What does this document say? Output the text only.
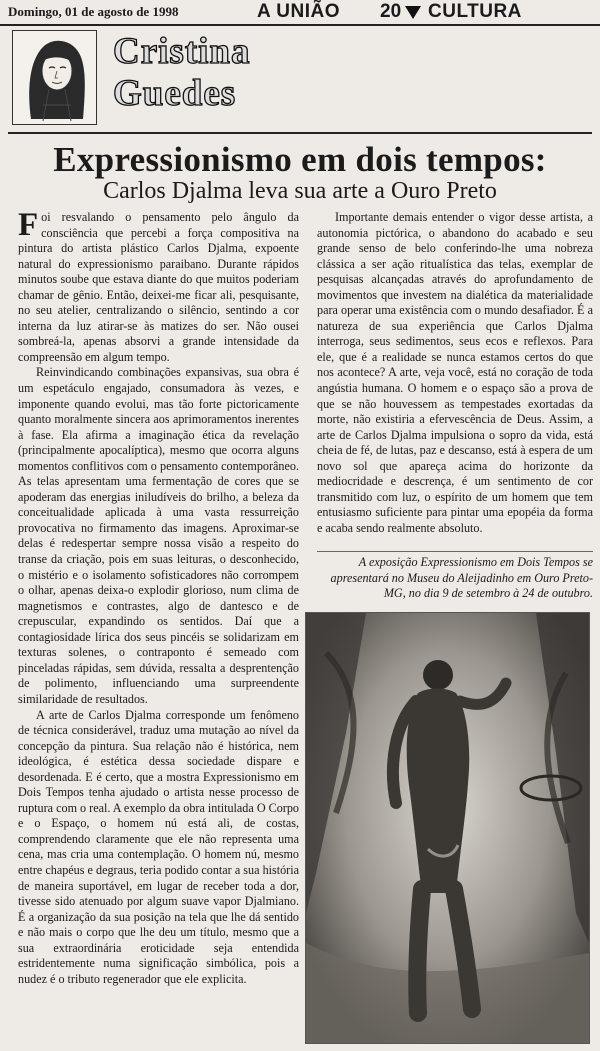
Domingo, 01 de agosto de 1998	A UNIÃO 20 CULTURA
Cristina
Guedes
Expressionismo em dois tempos:
Carlos Djalma leva sua arte a Ouro Preto

Foi resvalando o pensamento pelo ângulo da consciência que percebi a força compositiva na pintura do artista plástico Carlos Djalma, expoente natural do expressionismo paraibano. Durante rápidos minutos soube que estava diante do que muitos poderiam chamar de gênio. Então, deixei-me ficar ali, pesquisante, no seu atelier, centralizando o silêncio, sentindo a cor interna da luz atirar-se às matizes do ser. Não ousei sombreá-la, apenas absorvi a grande intensidade da compreensão em algum tempo.

Reinvindicando combinações expansivas, sua obra é um espetáculo engajado, consumadora às vezes, e imponente quando evolui, mas tão forte pictoricamente quanto moralmente sincera aos aprimoramentos inerentes à fase. Ela afirma a imaginação ética da revelação (principalmente apocalíptica), mesmo que ocorra alguns momentos conflitivos com o pensamento contemporâneo. As telas apresentam uma fermentação de cores que se apoderam das energias iniludíveis do brilho, a beleza da conceitualidade aplicada à uma vasta ressurreição provocativa no firmamento das imagens. Aproximar-se delas é redespertar sempre nossa visão a respeito do transe da criação, pois em suas leituras, o desconhecido, o mistério e o isolamento sofisticadores não corrompem o olhar, apenas deixa-o explodir glorioso, num clima de magnetismos e contrastes, algo de dantesco e de crepuscular, expandindo os sentidos. Daí que a contagiosidade lírica dos seus pincéis se solidarizam em texturas solenes, o contraponto é semeado com pinceladas rápidas, sem dúvida, ressalta a desprentenção de polimento, influenciando uma surpreendente similaridade de resultados.

A arte de Carlos Djalma corresponde um fenômeno de técnica considerável, traduz uma mutação ao nível da concepção da pintura. Sua relação não é histórica, nem ideológica, é estética dessa sociedade dispare e desordenada. E é certo, que a mostra Expressionismo em Dois Tempos tenha ajudado o artista nesse processo de ruptura com o real. A exemplo da obra intitulada O Corpo e o Espaço, o homem nú está ali, de costas, comprendendo claramente que ele não representa uma cena, mas cria uma contemplação. O homem nú, mesmo entre chapéus e degraus, teria podido contar a sua história de maneira suportável, em lugar de receber toda a dor, tivesse sido atenuado por algum suave vapor Djalmiano. É a organização da sua posição na tela que lhe dá sentido e não mais o corpo que lhe deu um título, mesmo que a sua extraordinária eroticidade seja entendida estridentemente numa significação simbólica, pois a nudez é o tributo regenerador que ele explicita.

Importante demais entender o vigor desse artista, a autonomia pictórica, o abandono do acabado e seu grande senso de belo conferindo-lhe uma nobreza clássica a ser ação ritualística das telas, exemplar de pesquisas alcançadas através do aprofundamento de movimentos que investem na dialética da materialidade para operar uma existência com o mundo desafiador. É a natureza de sua experiência que Carlos Djalma interroga, seus sedimentos, seus ecos e reflexos. Para ele, que é a realidade se nunca estamos certos do que nos acontece? A arte, veja você, está no coração de toda angústia humana. O homem e o espaço são a prova de que se não houvessem as tempestades exortadas da morte, não existiria a efervescência de Deus. Assim, a arte de Carlos Djalma impulsiona o sopro da vida, está cheia de fé, de lutas, paz e descanso, está à espera de um novo sol que apareça acima do horizonte da mediocridade e descrença, é um sentimento de cor transmitido com luz, o espírito de um homem que tem entusiasmo suficiente para pintar uma epopéia da forma e acaba sendo realmente absoluto.

A exposição Expressionismo em Dois Tempos se apresentará no Museu do Aleijadinho em Ouro Preto-MG, no dia 9 de setembro à 24 de outubro.
